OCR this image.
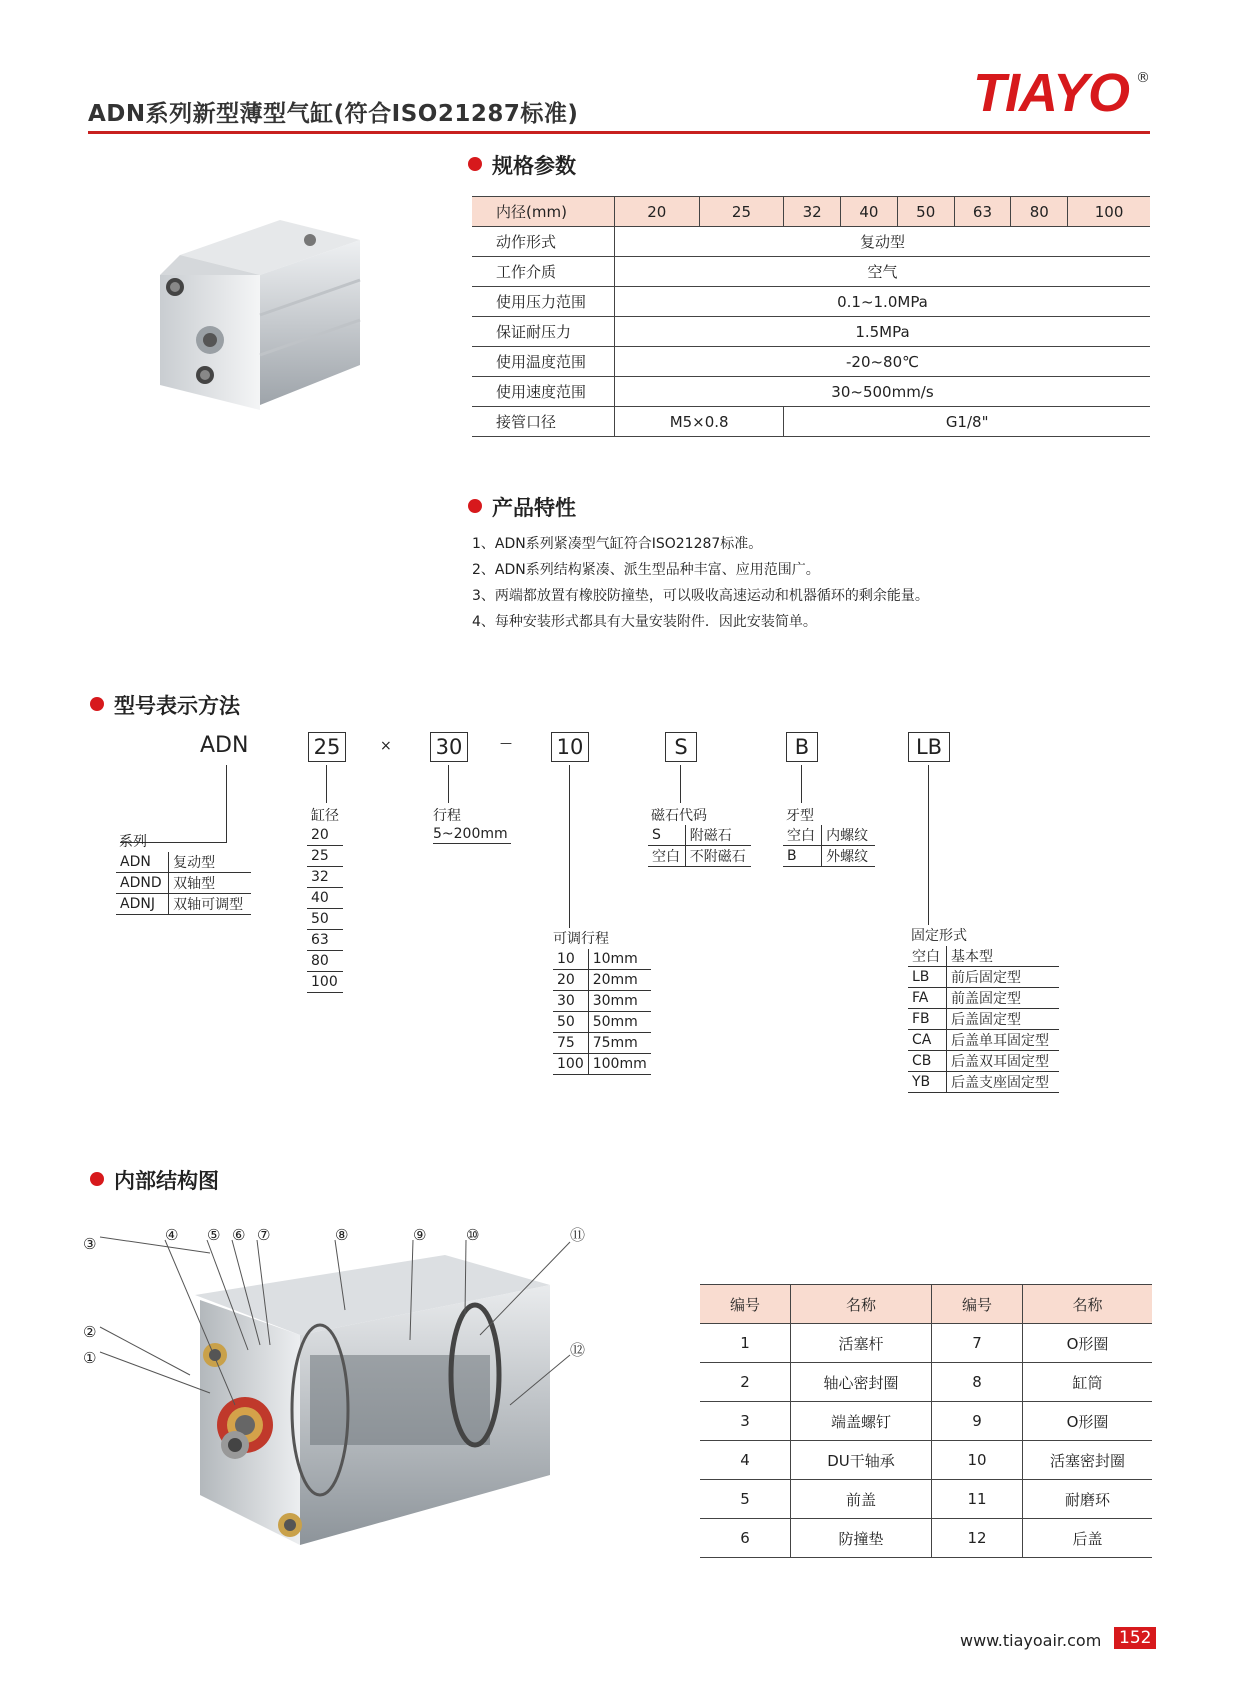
ADN系列新型薄型气缸(符合ISO21287标准)	TIAYO ®
规格参数
内径(mm)	20	25	32	40	50	63	80	100
动作形式	复动型							
工作介质	空气							
使用压力范围	0.1~1.0MPa							
保证耐压力	1.5MPa							
使用温度范围	-20~80℃							
使用速度范围	30~500mm/s							
接管口径	M5×0.8		G1/8"					
产品特性
1、ADN系列紧凑型气缸符合ISO21287标准。
2、ADN系列结构紧凑、派生型品种丰富、应用范围广。
3、两端都放置有橡胶防撞垫，可以吸收高速运动和机器循环的剩余能量。
4、每种安装形式都具有大量安装附件．因此安装简单。
型号表示方法
ADN	25	× 30	— 10	S	B	LB
系列
ADN	复动型
ADND	双轴型
ADNJ	双轴可调型
缸径
20
25
32
40
50
63
80
100
行程
5~200mm
可调行程
10	10mm
20	20mm
30	30mm
50	50mm
75	75mm
100	100mm
磁石代码
S	附磁石
空白	不附磁石
牙型
空白	内螺纹
B	外螺纹
固定形式
空白	基本型
LB	前后固定型
FA	前盖固定型
FB	后盖固定型
CA	后盖单耳固定型
CB	后盖双耳固定型
YB	后盖支座固定型
内部结构图
③
②
①
④ ⑤ ⑥ ⑦	⑧	⑨	⑩	⑪
⑫
编号	名称	编号	名称
1	活塞杆	7	O形圈
2	轴心密封圈	8	缸筒
3	端盖螺钉	9	O形圈
4	DU干轴承	10	活塞密封圈
5	前盖	11	耐磨环
6	防撞垫	12	后盖
www.tiayoair.com 152
